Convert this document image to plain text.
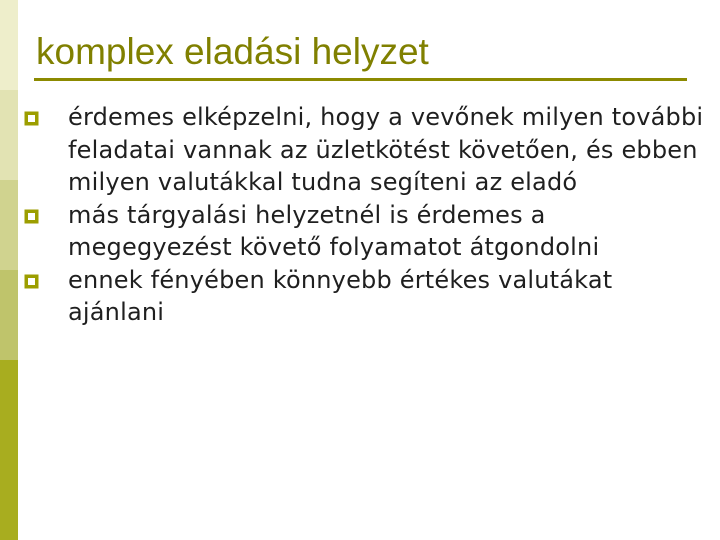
komplex eladási helyzet
érdemes elképzelni, hogy a vevőnek milyen további feladatai vannak az üzletkötést követően, és ebben milyen valutákkal tudna segíteni az eladó
más tárgyalási helyzetnél is érdemes a megegyezést követő folyamatot átgondolni
ennek fényében könnyebb értékes valutákat ajánlani
